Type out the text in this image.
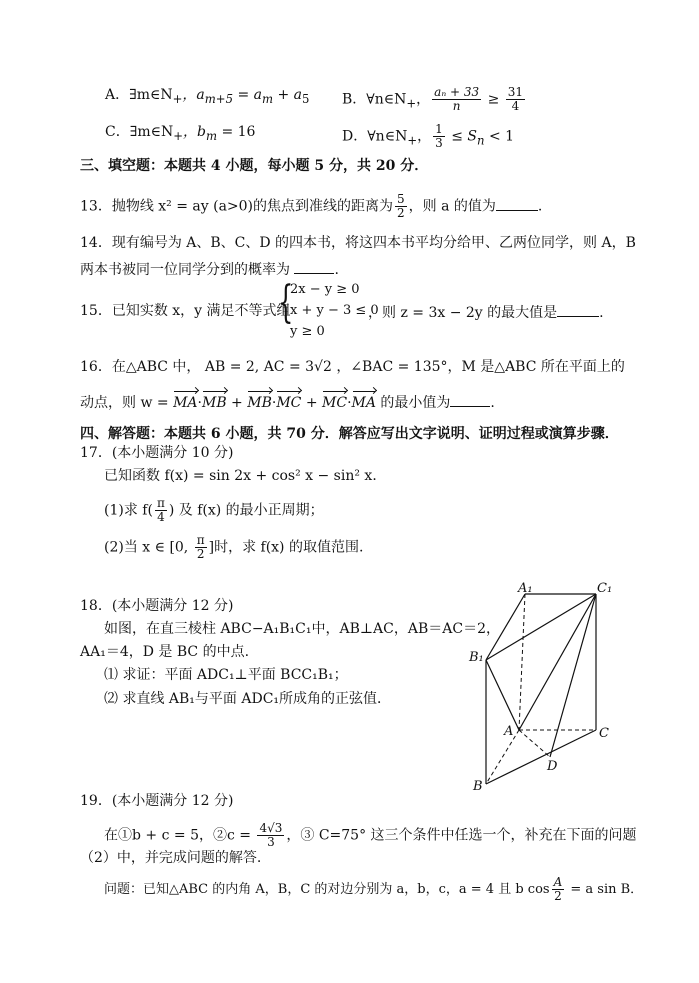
A．$\exists m\in N_+$，$a_{m+5} = a_m + a_5$ B．$\forall n\in N_+$， $\frac{\text{aₙ + 33}}{n} \ge \frac{31}{4}$
C．$\exists m\in N_+$，$b_m = 16$	D．$\forall n\in N_+$， $\frac{1}{3} \le S_n < 1$
三、填空题：本题共 4 小题，每小题 5 分，共 20 分．
13．抛物线 x² = ay (a>0)的焦点到准线的距离为 $\frac{5}{2}$ ，则 a 的值为	.
14．现有编号为 A、B、C、D 的四本书，将这四本书平均分给甲、乙两位同学，则 A，B
两本书被同一位同学分到的概率为	.
15．已知实数 x，y 满足不等式组
{
2x − y ≥ 0
x + y − 3 ≤ 0
y ≥ 0
，则 z = 3x − 2y 的最大值是	.
16．在△ABC 中， AB = 2, AC = 3√2 ，∠BAC = 135°，M 是△ABC 所在平面上的
动点，则 w = MA·MB + MB·MC + MC·MA 的最小值为	.
四、解答题：本题共 6 小题，共 70 分．解答应写出文字说明、证明过程或演算步骤．
17．(本小题满分 10 分)
已知函数 f(x) = sin 2x + cos² x − sin² x．
(1)求 $f( \frac{\pi}{4}$ ) 及 f(x) 的最小正周期；
(2)当 x ∈ [0, $\frac{\pi}{2}$ ]时，求 f(x) 的取值范围.
18．(本小题满分 12 分)
如图，在直三棱柱 ABC−A₁B₁C₁中，AB⊥AC，AB＝AC＝2，
AA₁＝4，D 是 BC 的中点.
⑴ 求证：平面 ADC₁⊥平面 BCC₁B₁；
⑵ 求直线 AB₁与平面 ADC₁所成角的正弦值．
A₁	C₁
B₁
A	C
D
B
19．(本小题满分 12 分)
在①b + c = 5，②c = $\frac{4√3}{3}$ ，③ C=75° 这三个条件中任选一个，补充在下面的问题
（2）中，并完成问题的解答.
问题：已知△ABC 的内角 A，B，C 的对边分别为 a，b，c，a = 4 且 b $\cos \frac{A}{2} = a$ sin B．
